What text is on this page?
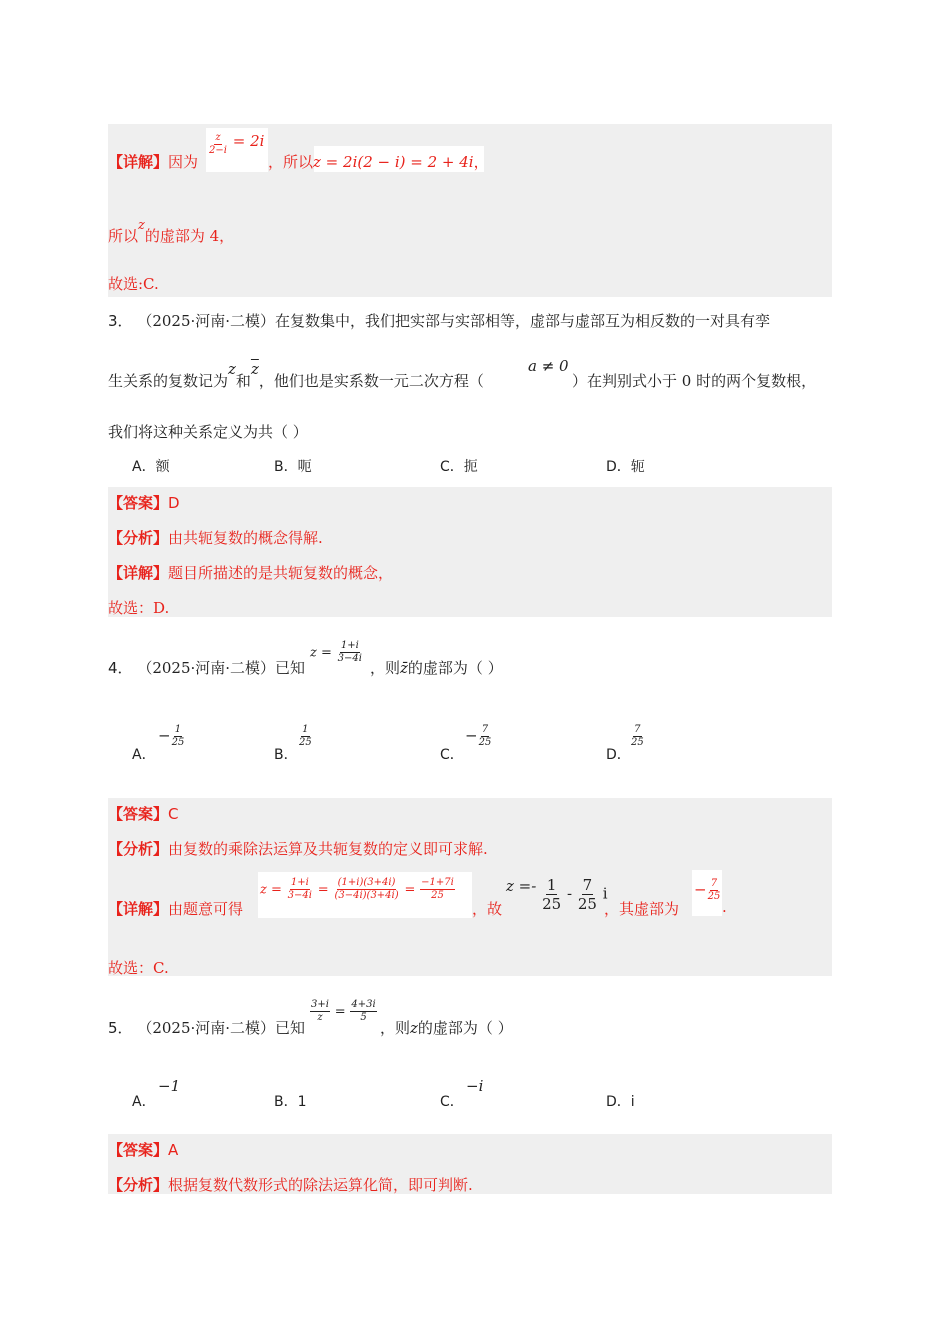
【详解】因为
$\frac{z}{2-i} = 2i$
，所以z = 2i(2 − i) = 2 + 4i，
所以z的虚部为 4，
故选:C.
3． （2025·河南·二模）在复数集中，我们把实部与实部相等，虚部与虚部互为相反数的一对具有孪
生关系的复数记为z和$\overline{z}$，他们也是实系数一元二次方程（
a ≠ 0
）在判别式小于 0 时的两个复数根，
我们将这种关系定义为共（ ）
A．额	B．呃	C．扼	D．轭
【答案】D
【分析】由共轭复数的概念得解.
【详解】题目所描述的是共轭复数的概念，
故选：D.
4． （2025·河南·二模）已知
$z = \frac{1+i}{3-4i}$
，则z̄的虚部为（ ）
A．
− $\frac{1}{25}$
B．
$\frac{1}{25}$
C．
− $\frac{7}{25}$
D．
$\frac{7}{25}$
【答案】C
【分析】由复数的乘除法运算及共轭复数的定义即可求解.
【详解】由题意可得
$z = \frac{1+i}{3-4i} = \frac{(1+i)(3+4i)}{(3-4i)(3+4i)} = \frac{-1+7i}{25}$
，故
$z =- \frac{1}{25} - \frac{7}{25}$ i
，其虚部为
− $\frac{7}{25}$
.
故选：C.
5． （2025·河南·二模）已知
$\frac{3+i}{z} = \frac{4+3i}{5}$
，则z的虚部为（ ）
A．
−1
B．1	C．
−i
D．i
【答案】A
【分析】根据复数代数形式的除法运算化简，即可判断.
